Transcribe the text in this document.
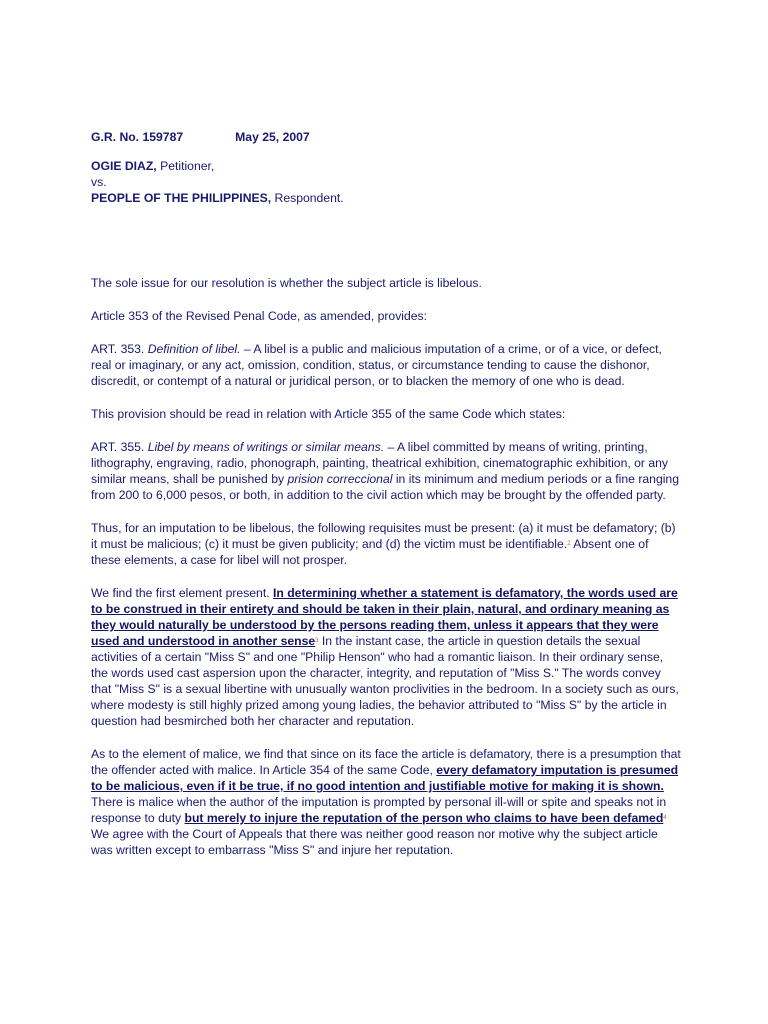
G.R. No. 159787	May 25, 2007

OGIE DIAZ, Petitioner,

vs.

PEOPLE OF THE PHILIPPINES, Respondent.

The sole issue for our resolution is whether the subject article is libelous.

Article 353 of the Revised Penal Code, as amended, provides:

ART. 353. Definition of libel. – A libel is a public and malicious imputation of a crime, or of a vice, or defect, real or imaginary, or any act, omission, condition, status, or circumstance tending to cause the dishonor, discredit, or contempt of a natural or juridical person, or to blacken the memory of one who is dead.

This provision should be read in relation with Article 355 of the same Code which states:

ART. 355. Libel by means of writings or similar means. – A libel committed by means of writing, printing, lithography, engraving, radio, phonograph, painting, theatrical exhibition, cinematographic exhibition, or any similar means, shall be punished by prision correccional in its minimum and medium periods or a fine ranging from 200 to 6,000 pesos, or both, in addition to the civil action which may be brought by the offended party.

Thus, for an imputation to be libelous, the following requisites must be present: (a) it must be defamatory; (b) it must be malicious; (c) it must be given publicity; and (d) the victim must be identifiable.$^2$ Absent one of these elements, a case for libel will not prosper.

We find the first element present. In determining whether a statement is defamatory, the words used are to be construed in their entirety and should be taken in their plain, natural, and ordinary meaning as they would naturally be understood by the persons reading them, unless it appears that they were used and understood in another sense$^3$ In the instant case, the article in question details the sexual activities of a certain "Miss S" and one "Philip Henson" who had a romantic liaison. In their ordinary sense, the words used cast aspersion upon the character, integrity, and reputation of "Miss S." The words convey that "Miss S" is a sexual libertine with unusually wanton proclivities in the bedroom. In a society such as ours, where modesty is still highly prized among young ladies, the behavior attributed to "Miss S" by the article in question had besmirched both her character and reputation.

As to the element of malice, we find that since on its face the article is defamatory, there is a presumption that the offender acted with malice. In Article 354 of the same Code, every defamatory imputation is presumed to be malicious, even if it be true, if no good intention and justifiable motive for making it is shown. There is malice when the author of the imputation is prompted by personal ill-will or spite and speaks not in response to duty but merely to injure the reputation of the person who claims to have been defamed$^4$ We agree with the Court of Appeals that there was neither good reason nor motive why the subject article was written except to embarrass "Miss S" and injure her reputation.
